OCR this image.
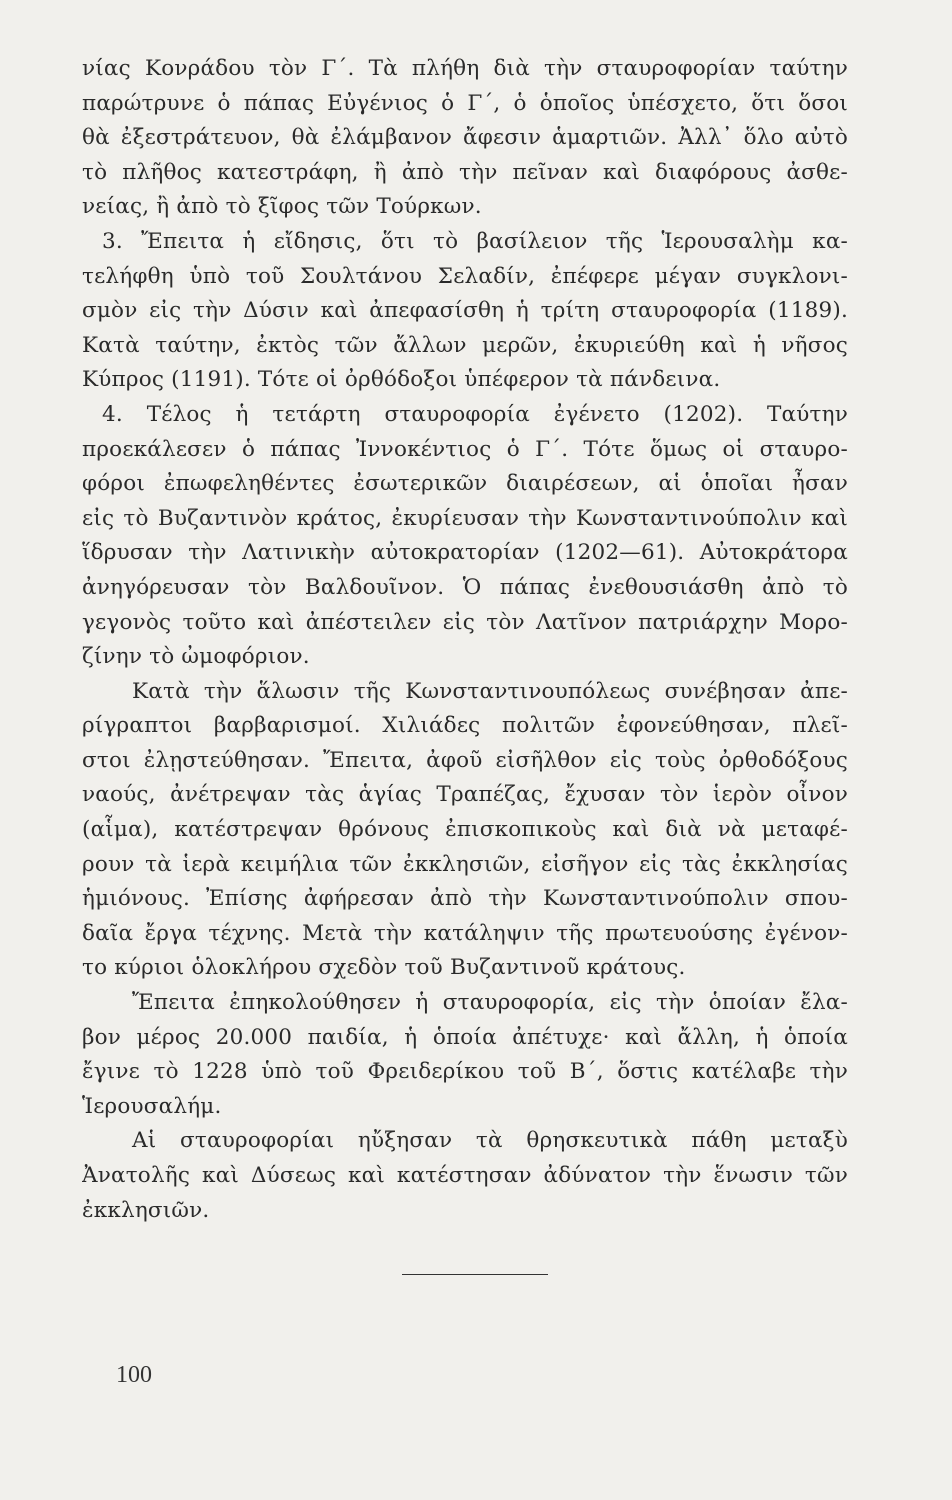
νίας Κονράδου τὸν Γ΄. Τὰ πλήθη διὰ τὴν σταυροφορίαν ταύτην
παρώτρυνε ὁ πάπας Εὐγένιος ὁ Γ΄, ὁ ὁποῖος ὑπέσχετο, ὅτι ὅσοι
θὰ ἐξεστράτευον, θὰ ἐλάμβανον ἄφεσιν ἁμαρτιῶν. Ἀλλ᾿ ὅλο αὐτὸ
τὸ πλῆθος κατεστράφη, ἢ ἀπὸ τὴν πεῖναν καὶ διαφόρους ἀσθε-
νείας, ἢ ἀπὸ τὸ ξῖφος τῶν Τούρκων.
3. Ἔπειτα ἡ εἴδησις, ὅτι τὸ βασίλειον τῆς Ἱερουσαλὴμ κα-
τελήφθη ὑπὸ τοῦ Σουλτάνου Σελαδίν, ἐπέφερε μέγαν συγκλονι-
σμὸν εἰς τὴν Δύσιν καὶ ἀπεφασίσθη ἡ τρίτη σταυροφορία (1189).
Κατὰ ταύτην, ἐκτὸς τῶν ἄλλων μερῶν, ἐκυριεύθη καὶ ἡ νῆσος
Κύπρος (1191). Τότε οἱ ὀρθόδοξοι ὑπέφερον τὰ πάνδεινα.
4. Τέλος ἡ τετάρτη σταυροφορία ἐγένετο (1202). Ταύτην
προεκάλεσεν ὁ πάπας Ἰννοκέντιος ὁ Γ΄. Τότε ὅμως οἱ σταυρο-
φόροι ἐπωφεληθέντες ἐσωτερικῶν διαιρέσεων, αἱ ὁποῖαι ἦσαν
εἰς τὸ Βυζαντινὸν κράτος, ἐκυρίευσαν τὴν Κωνσταντινούπολιν καὶ
ἵδρυσαν τὴν Λατινικὴν αὐτοκρατορίαν (1202—61). Αὐτοκράτορα
ἀνηγόρευσαν τὸν Βαλδουῖνον. Ὁ πάπας ἐνεθουσιάσθη ἀπὸ τὸ
γεγονὸς τοῦτο καὶ ἀπέστειλεν εἰς τὸν Λατῖνον πατριάρχην Μορο-
ζίνην τὸ ὠμοφόριον.
Κατὰ τὴν ἅλωσιν τῆς Κωνσταντινουπόλεως συνέβησαν ἀπε-
ρίγραπτοι βαρβαρισμοί. Χιλιάδες πολιτῶν ἐφονεύθησαν, πλεῖ-
στοι ἐλῃστεύθησαν. Ἔπειτα, ἀφοῦ εἰσῆλθον εἰς τοὺς ὀρθοδόξους
ναούς, ἀνέτρεψαν τὰς ἁγίας Τραπέζας, ἔχυσαν τὸν ἱερὸν οἶνον
(αἷμα), κατέστρεψαν θρόνους ἐπισκοπικοὺς καὶ διὰ νὰ μεταφέ-
ρουν τὰ ἱερὰ κειμήλια τῶν ἐκκλησιῶν, εἰσῆγον εἰς τὰς ἐκκλησίας
ἡμιόνους. Ἐπίσης ἀφήρεσαν ἀπὸ τὴν Κωνσταντινούπολιν σπου-
δαῖα ἔργα τέχνης. Μετὰ τὴν κατάληψιν τῆς πρωτευούσης ἐγένον-
το κύριοι ὁλοκλήρου σχεδὸν τοῦ Βυζαντινοῦ κράτους.
Ἔπειτα ἐπηκολούθησεν ἡ σταυροφορία, εἰς τὴν ὁποίαν ἔλα-
βον μέρος 20.000 παιδία, ἡ ὁποία ἀπέτυχε· καὶ ἄλλη, ἡ ὁποία
ἔγινε τὸ 1228 ὑπὸ τοῦ Φρειδερίκου τοῦ Β΄, ὅστις κατέλαβε τὴν
Ἱερουσαλήμ.
Αἱ σταυροφορίαι ηὔξησαν τὰ θρησκευτικὰ πάθη μεταξὺ
Ἀνατολῆς καὶ Δύσεως καὶ κατέστησαν ἀδύνατον τὴν ἕνωσιν τῶν
ἐκκλησιῶν.
100
